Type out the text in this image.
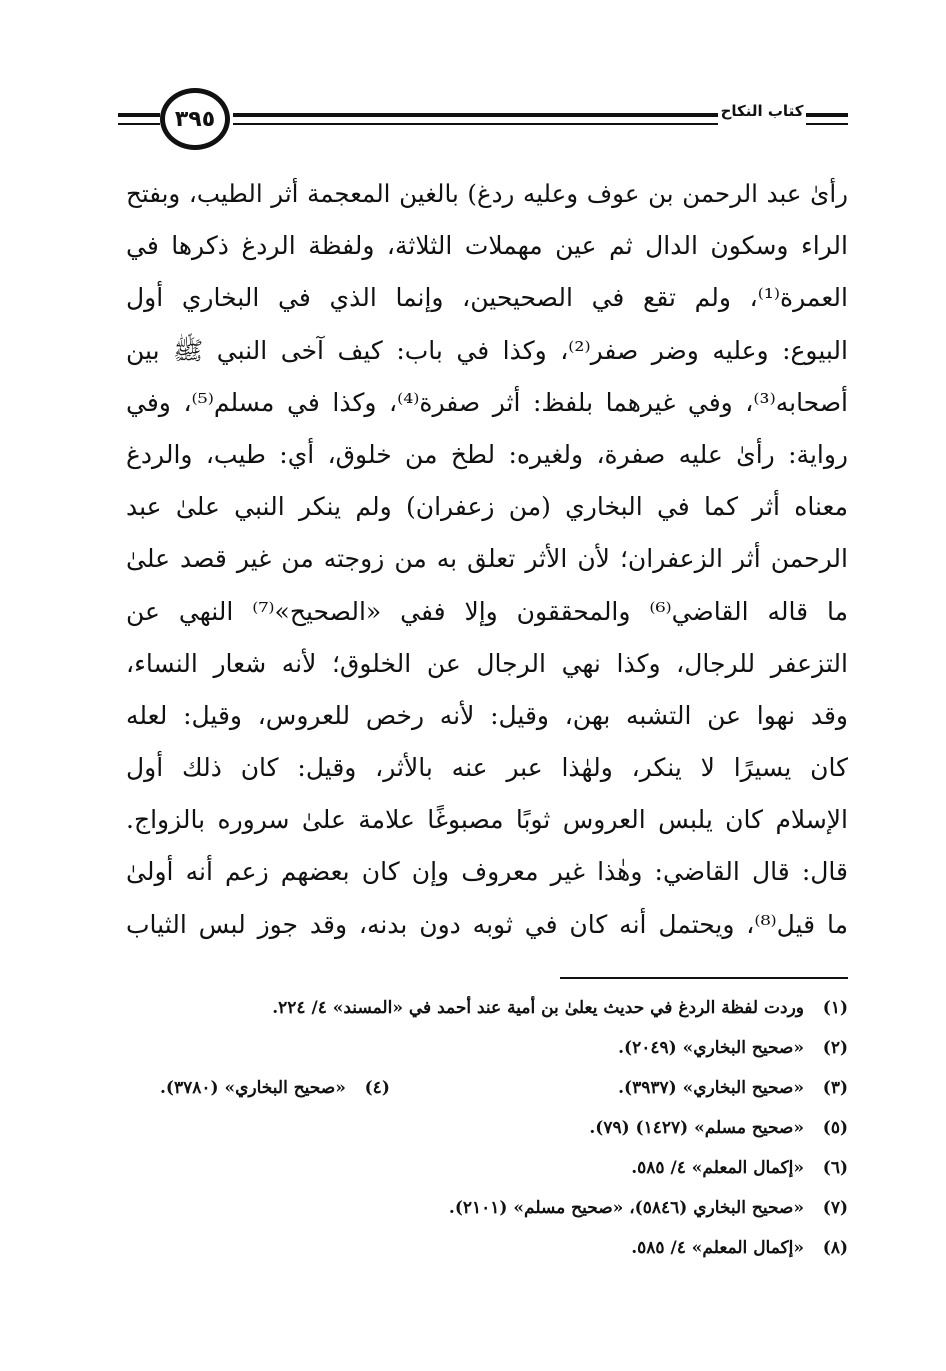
٣٩٥	كتاب النكاح
رأىٰ عبد الرحمن بن عوف وعليه ردغ) بالغين المعجمة أثر الطيب، وبفتح
الراء وسكون الدال ثم عين مهملات الثلاثة، ولفظة الردغ ذكرها في
العمرة⁽¹⁾، ولم تقع في الصحيحين، وإنما الذي في البخاري أول
البيوع: وعليه وضر صفر⁽²⁾، وكذا في باب: كيف آخى النبي ﷺ بين
أصحابه⁽³⁾، وفي غيرهما بلفظ: أثر صفرة⁽⁴⁾، وكذا في مسلم⁽⁵⁾، وفي
رواية: رأىٰ عليه صفرة، ولغيره: لطخ من خلوق، أي: طيب، والردغ
معناه أثر كما في البخاري (من زعفران) ولم ينكر النبي علىٰ عبد
الرحمن أثر الزعفران؛ لأن الأثر تعلق به من زوجته من غير قصد علىٰ
ما قاله القاضي⁽⁶⁾ والمحققون وإلا ففي «الصحيح»⁽⁷⁾ النهي عن
التزعفر للرجال، وكذا نهي الرجال عن الخلوق؛ لأنه شعار النساء،
وقد نهوا عن التشبه بهن، وقيل: لأنه رخص للعروس، وقيل: لعله
كان يسيرًا لا ينكر، ولهٰذا عبر عنه بالأثر، وقيل: كان ذلك أول
الإسلام كان يلبس العروس ثوبًا مصبوغًا علامة علىٰ سروره بالزواج.
قال: قال القاضي: وهٰذا غير معروف وإن كان بعضهم زعم أنه أولىٰ
ما قيل⁽⁸⁾، ويحتمل أنه كان في ثوبه دون بدنه، وقد جوز لبس الثياب
(١)وردت لفظة الردغ في حديث يعلىٰ بن أمية عند أحمد في «المسند» ٤/ ٢٢٤.
(٢)«صحيح البخاري» (٢٠٤٩).
(٣)«صحيح البخاري» (٣٩٣٧).
(٤)«صحيح البخاري» (٣٧٨٠).
(٥)«صحيح مسلم» (١٤٢٧) (٧٩).
(٦)«إكمال المعلم» ٤/ ٥٨٥.
(٧)«صحيح البخاري (٥٨٤٦)، «صحيح مسلم» (٢١٠١).
(٨)«إكمال المعلم» ٤/ ٥٨٥.
